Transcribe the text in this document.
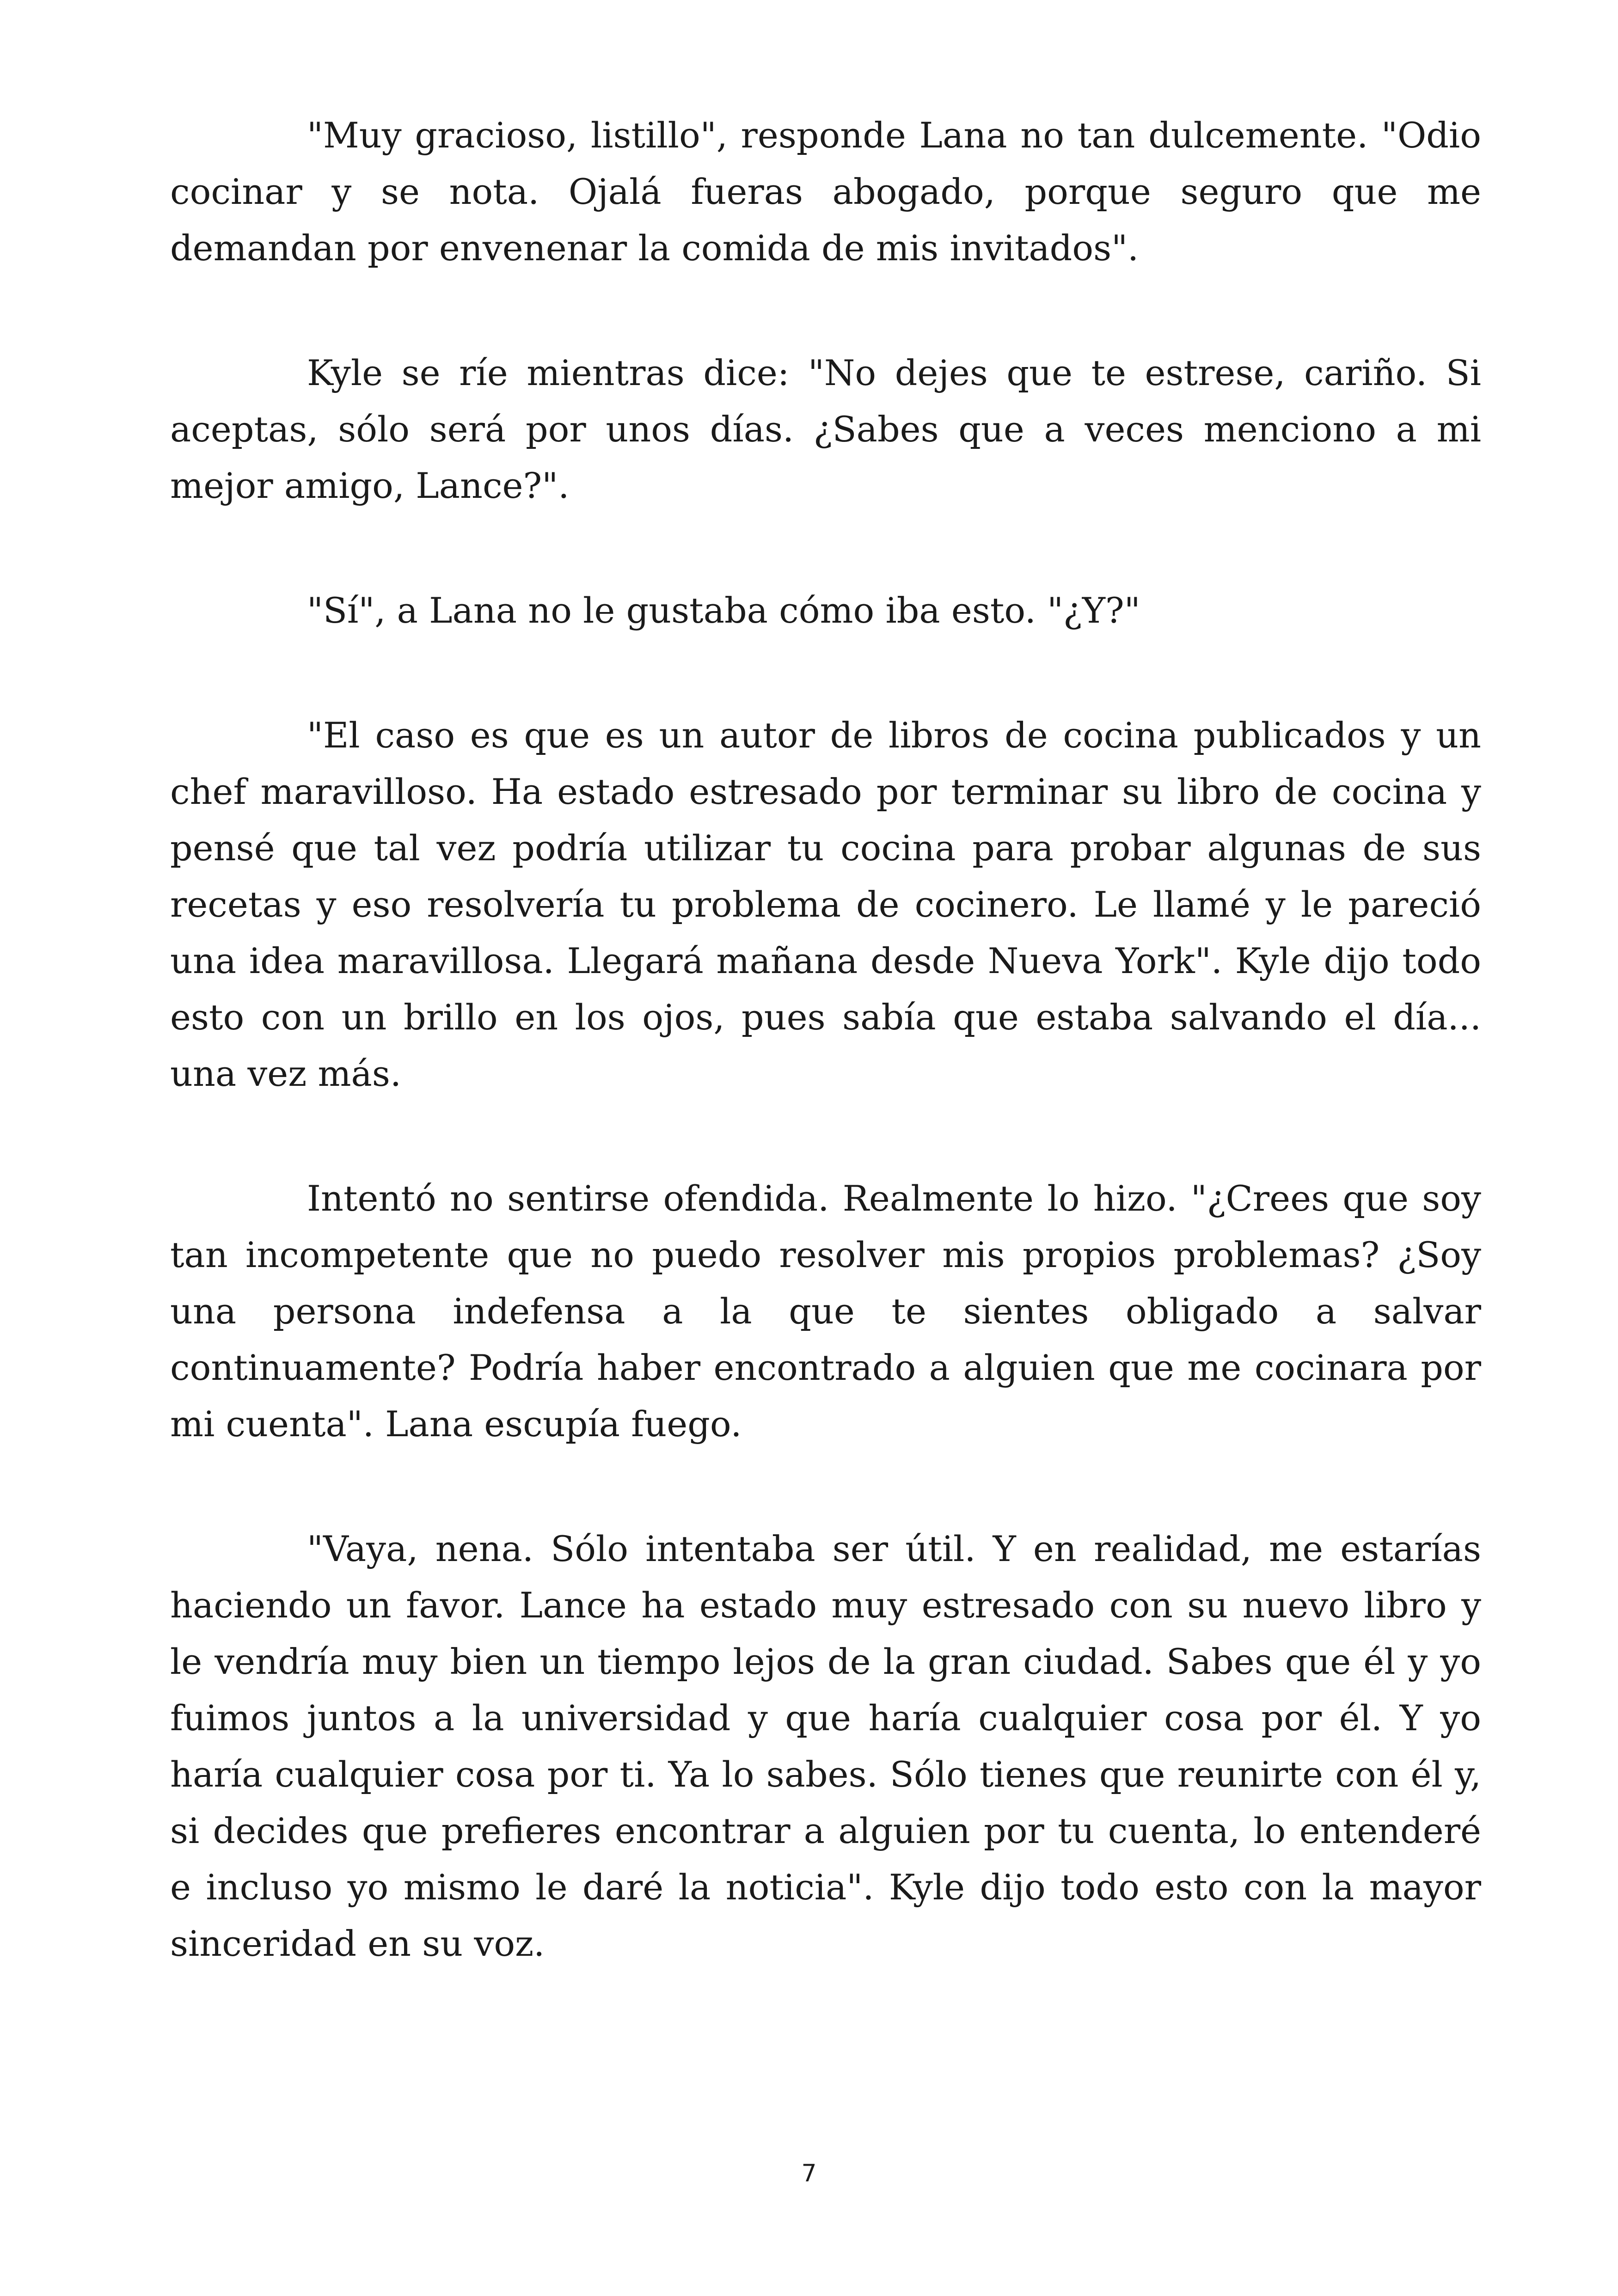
"Muy gracioso, listillo", responde Lana no tan dulcemente. "Odio cocinar y se nota. Ojalá fueras abogado, porque seguro que me demandan por envenenar la comida de mis invitados".

Kyle se ríe mientras dice: "No dejes que te estrese, cariño. Si aceptas, sólo será por unos días. ¿Sabes que a veces menciono a mi mejor amigo, Lance?".

"Sí", a Lana no le gustaba cómo iba esto. "¿Y?"

"El caso es que es un autor de libros de cocina publicados y un chef maravilloso. Ha estado estresado por terminar su libro de cocina y pensé que tal vez podría utilizar tu cocina para probar algunas de sus recetas y eso resolvería tu problema de cocinero. Le llamé y le pareció una idea maravillosa. Llegará mañana desde Nueva York". Kyle dijo todo esto con un brillo en los ojos, pues sabía que estaba salvando el día... una vez más.

Intentó no sentirse ofendida. Realmente lo hizo. "¿Crees que soy tan incompetente que no puedo resolver mis propios problemas? ¿Soy una persona indefensa a la que te sientes obligado a salvar continuamente? Podría haber encontrado a alguien que me cocinara por mi cuenta". Lana escupía fuego.

"Vaya, nena. Sólo intentaba ser útil. Y en realidad, me estarías haciendo un favor. Lance ha estado muy estresado con su nuevo libro y le vendría muy bien un tiempo lejos de la gran ciudad. Sabes que él y yo fuimos juntos a la universidad y que haría cualquier cosa por él. Y yo haría cualquier cosa por ti. Ya lo sabes. Sólo tienes que reunirte con él y, si decides que prefieres encontrar a alguien por tu cuenta, lo entenderé e incluso yo mismo le daré la noticia". Kyle dijo todo esto con la mayor sinceridad en su voz.

7
